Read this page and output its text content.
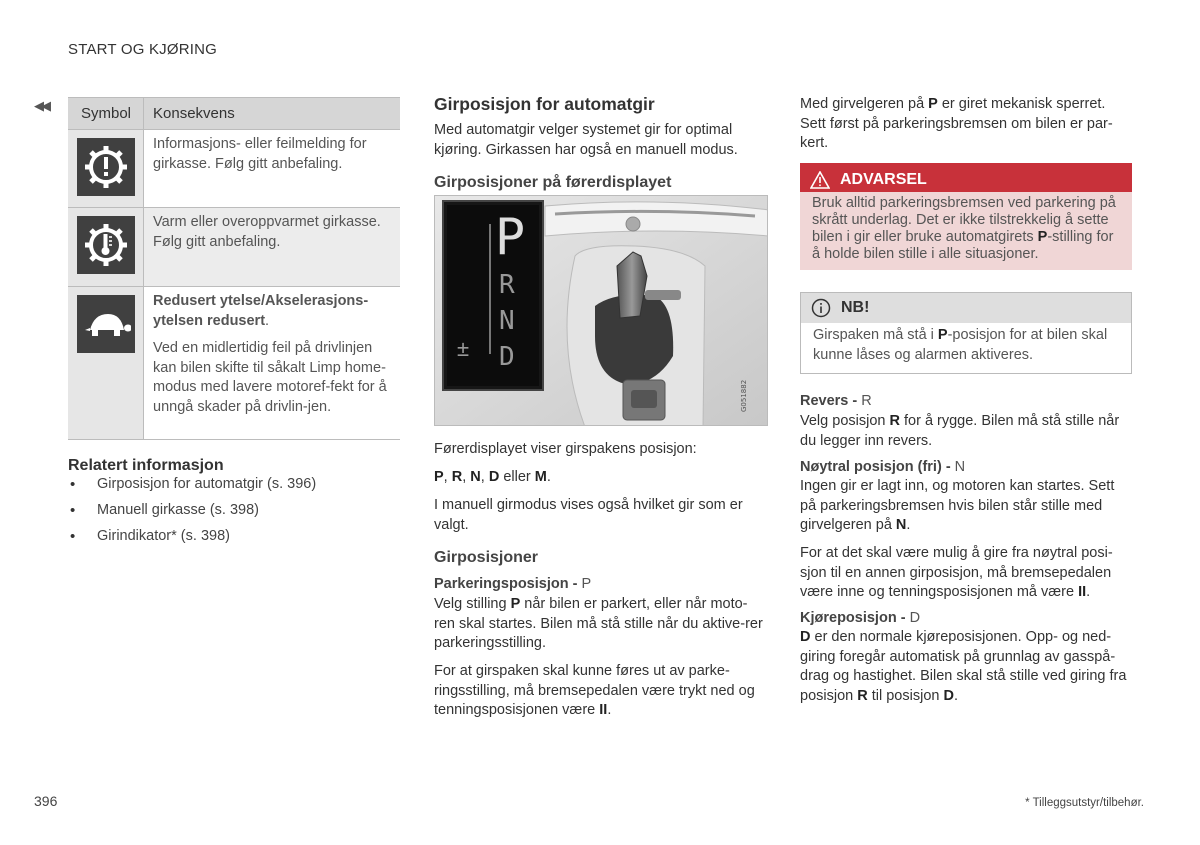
START OG KJØRING
◀◀	Symbol	Konsekvens
Informasjons- eller feilmelding for girkasse. Følg gitt anbefaling.
Varm eller overoppvarmet girkasse. Følg gitt anbefaling.

Redusert ytelse/Akselerasjons-ytelsen redusert.

Ved en midlertidig feil på drivlinjen kan bilen skifte til såkalt Limp home-modus med lavere motoref-fekt for å unngå skader på drivlin-jen.

Relatert informasjon
• Girposisjon for automatgir (s. 396)
• Manuell girkasse (s. 398)
• Girindikator* (s. 398)
Girposisjon for automatgir
Med automatgir velger systemet gir for optimal kjøring. Girkassen har også en manuell modus.
Girposisjoner på førerdisplayet
G051882
P
R
N
D
±
Førerdisplayet viser girspakens posisjon:
P, R, N, D eller M.
I manuell girmodus vises også hvilket gir som er valgt.
Girposisjoner
Parkeringsposisjon - P
Velg stilling P når bilen er parkert, eller når moto-ren skal startes. Bilen må stå stille når du aktive-rer parkeringsstilling.
For at girspaken skal kunne føres ut av parke-ringsstilling, må bremsepedalen være trykt ned og tenningsposisjonen være II.
Med girvelgeren på P er giret mekanisk sperret. Sett først på parkeringsbremsen om bilen er par-kert.
ADVARSEL
Bruk alltid parkeringsbremsen ved parkering på skrått underlag. Det er ikke tilstrekkelig å sette bilen i gir eller bruke automatgirets P-stilling for å holde bilen stille i alle situasjoner.
NB!
Girspaken må stå i P-posisjon for at bilen skal kunne låses og alarmen aktiveres.
Revers - R
Velg posisjon R for å rygge. Bilen må stå stille når du legger inn revers.
Nøytral posisjon (fri) - N
Ingen gir er lagt inn, og motoren kan startes. Sett på parkeringsbremsen hvis bilen står stille med girvelgeren på N.
For at det skal være mulig å gire fra nøytral posi-sjon til en annen girposisjon, må bremsepedalen være inne og tenningsposisjonen må være II.
Kjøreposisjon - D
D er den normale kjøreposisjonen. Opp- og ned-giring foregår automatisk på grunnlag av gasspå-drag og hastighet. Bilen skal stå stille ved giring fra posisjon R til posisjon D.
396	* Tilleggsutstyr/tilbehør.
